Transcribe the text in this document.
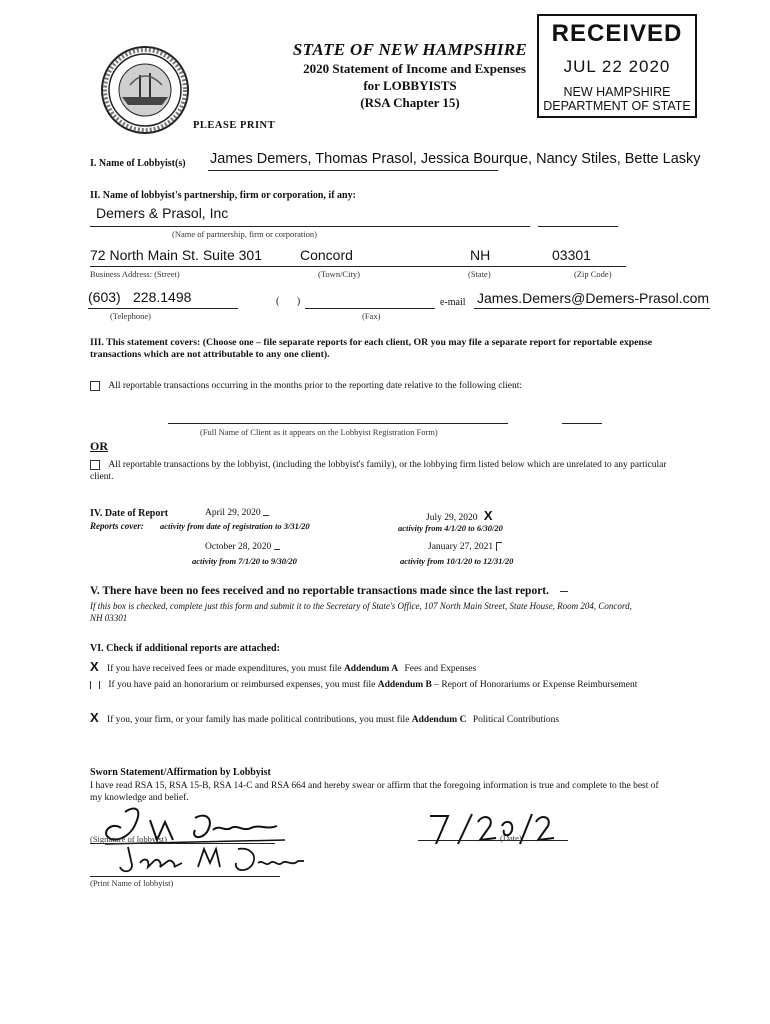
STATE OF NEW HAMPSHIRE
2020 Statement of Income and Expenses
for LOBBYISTS
(RSA Chapter 15)
PLEASE PRINT
RECEIVED
JUL 22 2020
NEW HAMPSHIRE
DEPARTMENT OF STATE
I. Name of Lobbyist(s) James Demers, Thomas Prasol, Jessica Bourque, Nancy Stiles, Bette Lasky
II. Name of lobbyist's partnership, firm or corporation, if any:
Demers & Prasol, Inc
(Name of partnership, firm or corporation)
72 North Main St. Suite 301	Concord	NH	03301
Business Address: (Street)	(Town/City)	(State)	(Zip Code)
(603) 228.1498
(Telephone)
(       )
(Fax)
e-mail James.Demers@Demers-Prasol.com
III. This statement covers: (Choose one – file separate reports for each client, OR you may file a separate report for reportable expense transactions which are not attributable to any one client).
All reportable transactions occurring in the months prior to the reporting date relative to the following client:
(Full Name of Client as it appears on the Lobbyist Registration Form)
OR
All reportable transactions by the lobbyist, (including the lobbyist's family), or the lobbying firm listed below which are unrelated to any particular client.
IV. Date of Report
Reports cover:
April 29, 2020
activity from date of registration to 3/31/20
July 29, 2020 X
activity from 4/1/20 to 6/30/20
October 28, 2020
activity from 7/1/20 to 9/30/20
January 27, 2021
activity from 10/1/20 to 12/31/20
V. There have been no fees received and no reportable transactions made since the last report.
If this box is checked, complete just this form and submit it to the Secretary of State's Office, 107 North Main Street, State House, Room 204, Concord, NH 03301
VI. Check if additional reports are attached:
X If you have received fees or made expenditures, you must file Addendum A Fees and Expenses
If you have paid an honorarium or reimbursed expenses, you must file Addendum B – Report of Honorariums or Expense Reimbursement
X If you, your firm, or your family has made political contributions, you must file Addendum C Political Contributions
Sworn Statement/Affirmation by Lobbyist
I have read RSA 15, RSA 15-B, RSA 14-C and RSA 664 and hereby swear or affirm that the foregoing information is true and complete to the best of my knowledge and belief.
(Signature of lobbyist)	(Date)
(Print Name of lobbyist)
